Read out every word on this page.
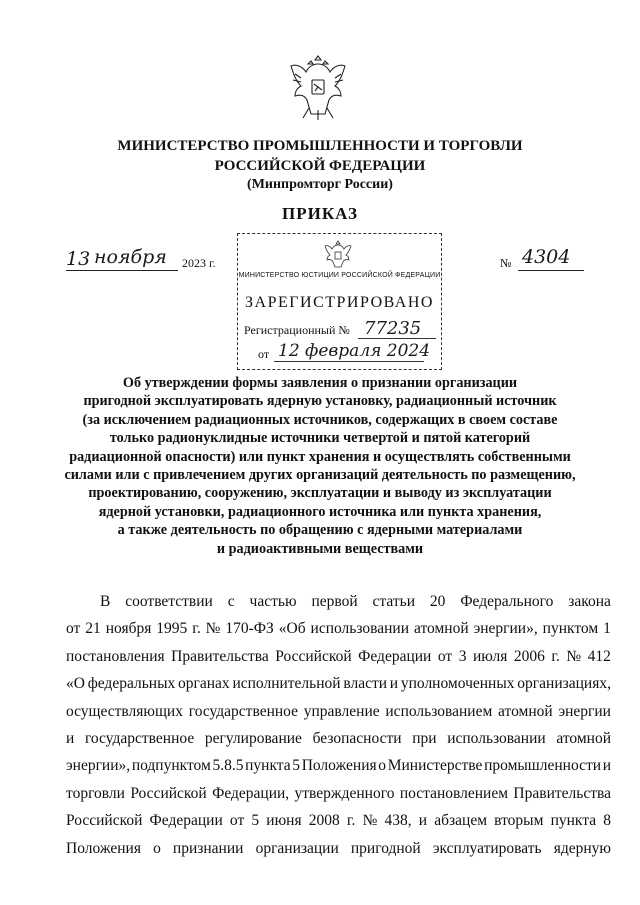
МИНИСТЕРСТВО ПРОМЫШЛЕННОСТИ И ТОРГОВЛИ
РОССИЙСКОЙ ФЕДЕРАЦИИ
(Минпромторг России)
ПРИКАЗ
13 ноября 2023 г.	№ 4304
МИНИСТЕРСТВО ЮСТИЦИИ РОССИЙСКОЙ ФЕДЕРАЦИИ
ЗАРЕГИСТРИРОВАНО
Регистрационный № 77235
от 12 февраля 2024
Об утверждении формы заявления о признании организации
пригодной эксплуатировать ядерную установку, радиационный источник
(за исключением радиационных источников, содержащих в своем составе
только радионуклидные источники четвертой и пятой категорий
радиационной опасности) или пункт хранения и осуществлять собственными
силами или с привлечением других организаций деятельность по размещению,
проектированию, сооружению, эксплуатации и выводу из эксплуатации
ядерной установки, радиационного источника или пункта хранения,
а также деятельность по обращению с ядерными материалами
и радиоактивными веществами
В соответствии с частью первой статьи 20 Федерального закона
от 21 ноября 1995 г. № 170-ФЗ «Об использовании атомной энергии», пунктом 1
постановления Правительства Российской Федерации от 3 июля 2006 г. № 412
«О федеральных органах исполнительной власти и уполномоченных организациях,
осуществляющих государственное управление использованием атомной энергии
и государственное регулирование безопасности при использовании атомной
энергии», подпунктом 5.8.5 пункта 5 Положения о Министерстве промышленности и
торговли Российской Федерации, утвержденного постановлением Правительства
Российской Федерации от 5 июня 2008 г. № 438, и абзацем вторым пункта 8
Положения о признании организации пригодной эксплуатировать ядерную
